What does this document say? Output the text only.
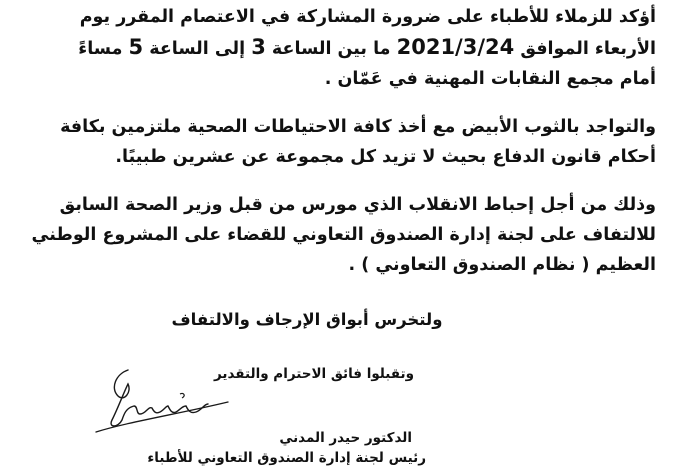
أؤكد للزملاء للأطباء على ضرورة المشاركة في الاعتصام المقرر يوم

الأربعاء الموافق 2021/3/24 ما بين الساعة 3 إلى الساعة 5 مساءً

أمام مجمع النقابات المهنية في عَمّان .

والتواجد بالثوب الأبيض مع أخذ كافة الاحتياطات الصحية ملتزمين بكافة

أحكام قانون الدفاع بحيث لا تزيد كل مجموعة عن عشرين طبيبًا.

وذلك من أجل إحباط الانقلاب الذي مورس من قبل وزير الصحة السابق

للالتفاف على لجنة إدارة الصندوق التعاوني للقضاء على المشروع الوطني

العظيم ( نظام الصندوق التعاوني ) .

ولتخرس أبواق الإرجاف والالتفاف
وتقبلوا فائق الاحترام والتقدير
الدكتور حيدر المدني
رئيس لجنة إدارة الصندوق التعاوني للأطباء
